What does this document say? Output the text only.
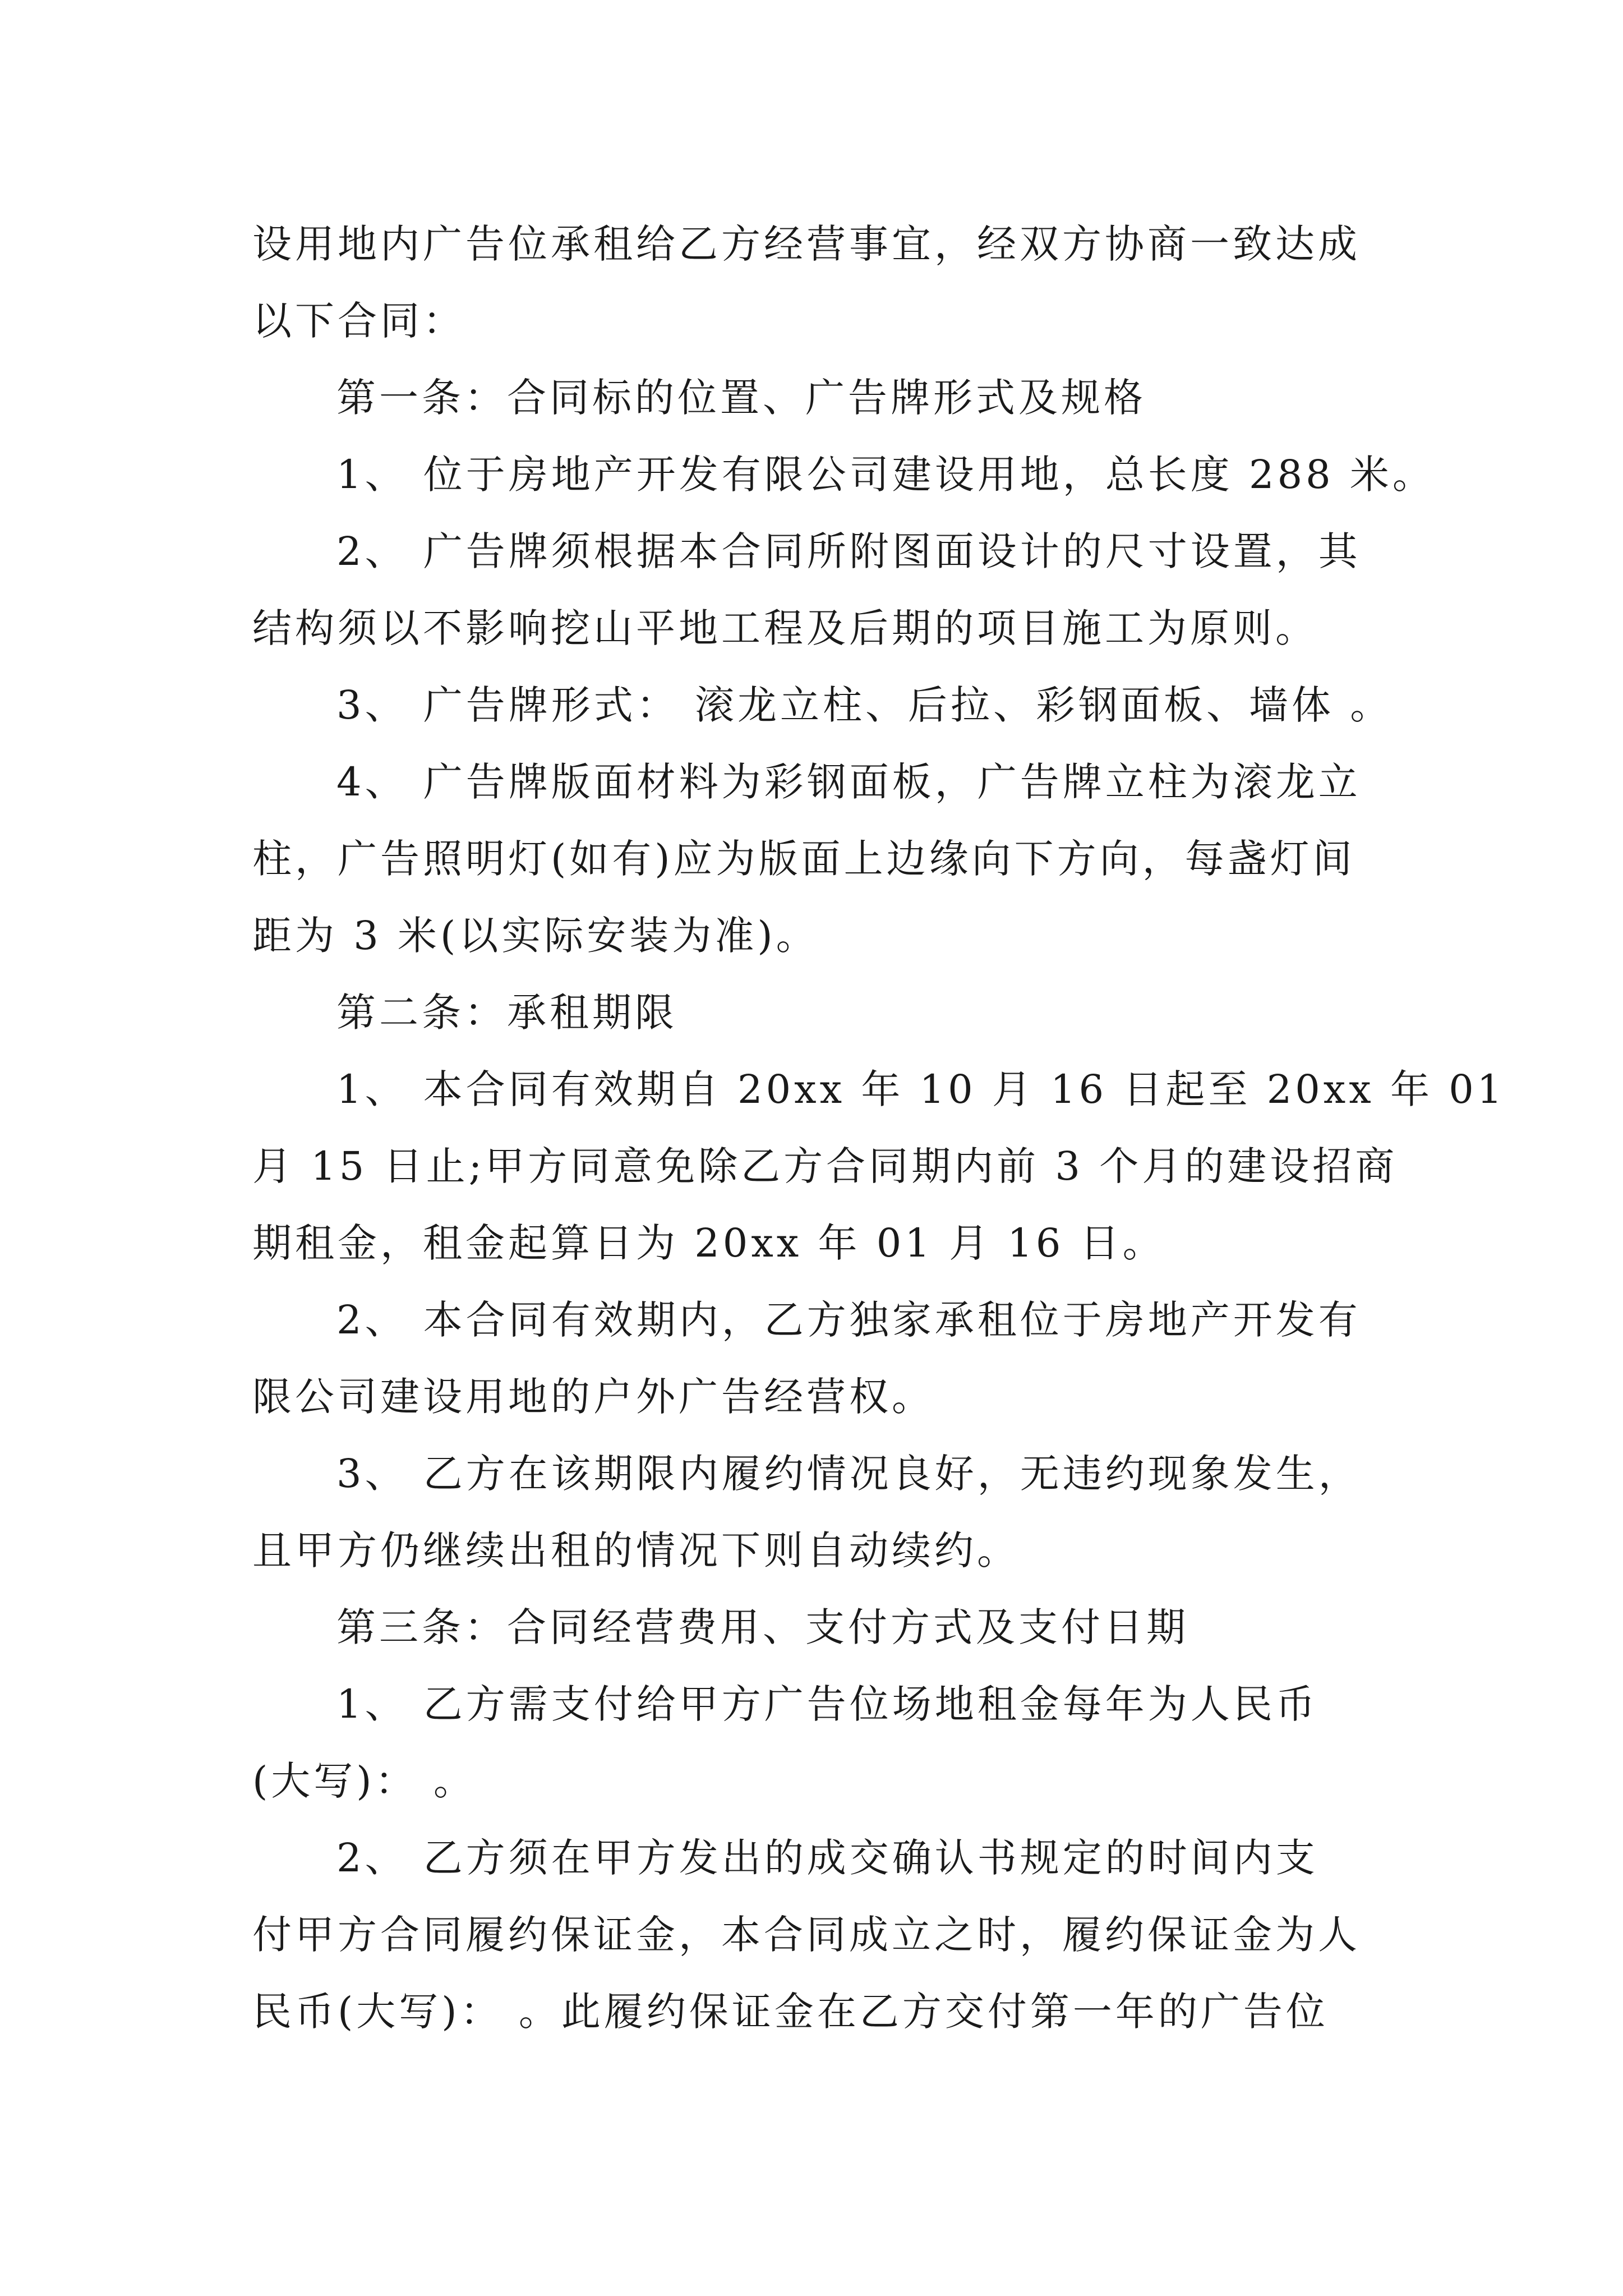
设用地内广告位承租给乙方经营事宜，经双方协商一致达成
以下合同：
第一条：合同标的位置、广告牌形式及规格
1、 位于房地产开发有限公司建设用地，总长度 288 米。
2、 广告牌须根据本合同所附图面设计的尺寸设置，其
结构须以不影响挖山平地工程及后期的项目施工为原则。
3、 广告牌形式： 滚龙立柱、后拉、彩钢面板、墙体 。
4、 广告牌版面材料为彩钢面板，广告牌立柱为滚龙立
柱，广告照明灯(如有)应为版面上边缘向下方向，每盏灯间
距为 3 米(以实际安装为准)。
第二条：承租期限
1、 本合同有效期自 20xx 年 10 月 16 日起至 20xx 年 01
月 15 日止;甲方同意免除乙方合同期内前 3 个月的建设招商
期租金，租金起算日为 20xx 年 01 月 16 日。
2、 本合同有效期内，乙方独家承租位于房地产开发有
限公司建设用地的户外广告经营权。
3、 乙方在该期限内履约情况良好，无违约现象发生，
且甲方仍继续出租的情况下则自动续约。
第三条：合同经营费用、支付方式及支付日期
1、 乙方需支付给甲方广告位场地租金每年为人民币
(大写)： 。
2、 乙方须在甲方发出的成交确认书规定的时间内支
付甲方合同履约保证金，本合同成立之时，履约保证金为人
民币(大写)： 。此履约保证金在乙方交付第一年的广告位
